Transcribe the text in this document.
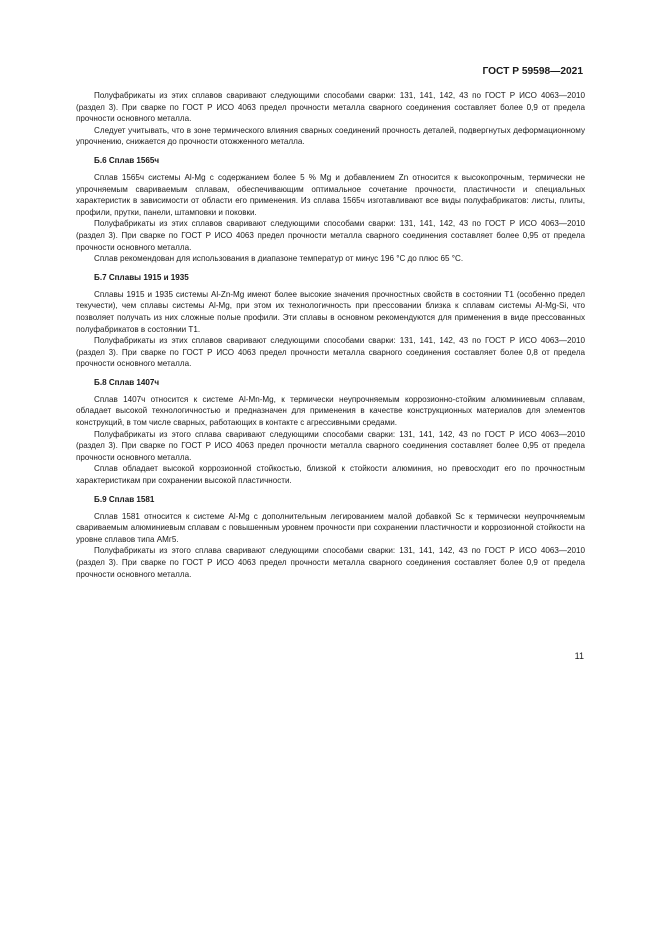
ГОСТ Р 59598—2021

Полуфабрикаты из этих сплавов сваривают следующими способами сварки: 131, 141, 142, 43 по ГОСТ Р ИСО 4063—2010 (раздел 3). При сварке по ГОСТ Р ИСО 4063 предел прочности металла сварного соединения составляет более 0,9 от предела прочности основного металла.

Следует учитывать, что в зоне термического влияния сварных соединений прочность деталей, подвергнутых деформационному упрочнению, снижается до прочности отожженного металла.

Б.6 Сплав 1565ч

Сплав 1565ч системы Al-Mg с содержанием более 5 % Mg и добавлением Zn относится к высокопрочным, термически не упрочняемым свариваемым сплавам, обеспечивающим оптимальное сочетание прочности, пластичности и специальных характеристик в зависимости от области его применения. Из сплава 1565ч изготавливают все виды полуфабрикатов: листы, плиты, профили, прутки, панели, штамповки и поковки.

Полуфабрикаты из этих сплавов сваривают следующими способами сварки: 131, 141, 142, 43 по ГОСТ Р ИСО 4063—2010 (раздел 3). При сварке по ГОСТ Р ИСО 4063 предел прочности металла сварного соединения составляет более 0,95 от предела прочности основного металла.

Сплав рекомендован для использования в диапазоне температур от минус 196 °С до плюс 65 °С.

Б.7 Сплавы 1915 и 1935

Сплавы 1915 и 1935 системы Al-Zn-Mg имеют более высокие значения прочностных свойств в состоянии Т1 (особенно предел текучести), чем сплавы системы Al-Mg, при этом их технологичность при прессовании близка к сплавам системы Al-Mg-Si, что позволяет получать из них сложные полые профили. Эти сплавы в основном рекомендуются для применения в виде прессованных полуфабрикатов в состоянии Т1.

Полуфабрикаты из этих сплавов сваривают следующими способами сварки: 131, 141, 142, 43 по ГОСТ Р ИСО 4063—2010 (раздел 3). При сварке по ГОСТ Р ИСО 4063 предел прочности металла сварного соединения составляет более 0,8 от предела прочности основного металла.

Б.8 Сплав 1407ч

Сплав 1407ч относится к системе Al-Mn-Mg, к термически неупрочняемым коррозионно-стойким алюминиевым сплавам, обладает высокой технологичностью и предназначен для применения в качестве конструкционных материалов для элементов конструкций, в том числе сварных, работающих в контакте с агрессивными средами.

Полуфабрикаты из этого сплава сваривают следующими способами сварки: 131, 141, 142, 43 по ГОСТ Р ИСО 4063—2010 (раздел 3). При сварке по ГОСТ Р ИСО 4063 предел прочности металла сварного соединения составляет более 0,95 от предела прочности основного металла.

Сплав обладает высокой коррозионной стойкостью, близкой к стойкости алюминия, но превосходит его по прочностным характеристикам при сохранении высокой пластичности.

Б.9 Сплав 1581

Сплав 1581 относится к системе Al-Mg с дополнительным легированием малой добавкой Sc к термически неупрочняемым свариваемым алюминиевым сплавам с повышенным уровнем прочности при сохранении пластичности и коррозионной стойкости на уровне сплавов типа АМг5.

Полуфабрикаты из этого сплава сваривают следующими способами сварки: 131, 141, 142, 43 по ГОСТ Р ИСО 4063—2010 (раздел 3). При сварке по ГОСТ Р ИСО 4063 предел прочности металла сварного соединения составляет более 0,9 от предела прочности основного металла.

11
